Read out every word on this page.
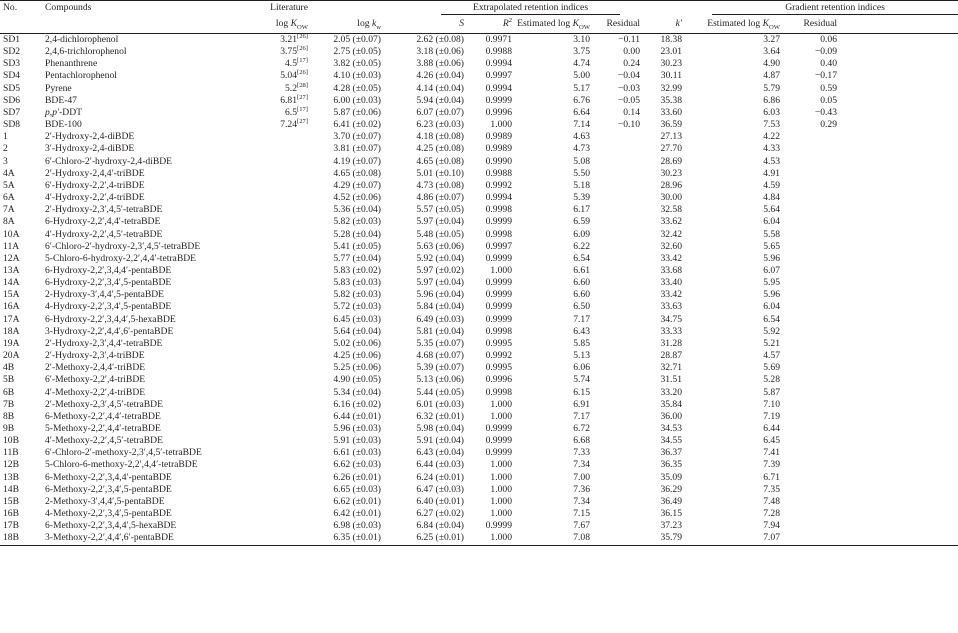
	No.	Compounds	Literature		Extrapolated retention indices					Gradient retention indices	

			$\log K_{OW}$	$\log k_w$	S	$R^2$	Estimated $\log K_{OW}$	Residual	k′	Estimated $\log K_{OW}$	Residual
	SD1	2,4-dichlorophenol	3.21[26]	2.05 (±0.07)	2.62 (±0.08)	0.9971	3.10	−0.11	18.38	3.27	0.06
	SD2	2,4,6-trichlorophenol	3.75[26]	2.75 (±0.05)	3.18 (±0.06)	0.9988	3.75	0.00	23.01	3.64	−0.09
	SD3	Phenanthrene	4.5[17]	3.82 (±0.05)	3.88 (±0.06)	0.9994	4.74	0.24	30.23	4.90	0.40
	SD4	Pentachlorophenol	5.04[26]	4.10 (±0.03)	4.26 (±0.04)	0.9997	5.00	−0.04	30.11	4.87	−0.17
	SD5	Pyrene	5.2[28]	4.28 (±0.05)	4.14 (±0.04)	0.9994	5.17	−0.03	32.99	5.79	0.59
	SD6	BDE-47	6.81[27]	6.00 (±0.03)	5.94 (±0.04)	0.9999	6.76	−0.05	35.38	6.86	0.05
	SD7	p,p′-DDT	6.5[17]	5.87 (±0.06)	6.07 (±0.07)	0.9996	6.64	0.14	33.60	6.03	−0.43
	SD8	BDE-100	7.24[27]	6.41 (±0.02)	6.23 (±0.03)	1.000	7.14	−0.10	36.59	7.53	0.29
	1	2′-Hydroxy-2,4-diBDE		3.70 (±0.07)	4.18 (±0.08)	0.9989	4.63		27.13	4.22	
	2	3′-Hydroxy-2,4-diBDE		3.81 (±0.07)	4.25 (±0.08)	0.9989	4.73		27.70	4.33	
	3	6′-Chloro-2′-hydroxy-2,4-diBDE		4.19 (±0.07)	4.65 (±0.08)	0.9990	5.08		28.69	4.53	
	4A	2′-Hydroxy-2,4,4′-triBDE		4.65 (±0.08)	5.01 (±0.10)	0.9988	5.50		30.23	4.91	
	5A	6′-Hydroxy-2,2′,4-triBDE		4.29 (±0.07)	4.73 (±0.08)	0.9992	5.18		28.96	4.59	
	6A	4′-Hydroxy-2,2′,4-triBDE		4.52 (±0.06)	4.86 (±0.07)	0.9994	5.39		30.00	4.84	
	7A	2′-Hydroxy-2,3′,4,5′-tetraBDE		5.36 (±0.04)	5.57 (±0.05)	0.9998	6.17		32.58	5.64	
	8A	6-Hydroxy-2,2′,4,4′-tetraBDE		5.82 (±0.03)	5.97 (±0.04)	0.9999	6.59		33.62	6.04	
	10A	4′-Hydroxy-2,2′,4,5′-tetraBDE		5.28 (±0.04)	5.48 (±0.05)	0.9998	6.09		32.42	5.58	
	11A	6′-Chloro-2′-hydroxy-2,3′,4,5′-tetraBDE		5.41 (±0.05)	5.63 (±0.06)	0.9997	6.22		32.60	5.65	
	12A	5-Chloro-6-hydroxy-2,2′,4,4′-tetraBDE		5.77 (±0.04)	5.92 (±0.04)	0.9999	6.54		33.42	5.96	
	13A	6-Hydroxy-2,2′,3,4,4′-pentaBDE		5.83 (±0.02)	5.97 (±0.02)	1.000	6.61		33.68	6.07	
	14A	6-Hydroxy-2,2′,3,4′,5-pentaBDE		5.83 (±0.03)	5.97 (±0.04)	0.9999	6.60		33.40	5.95	
	15A	2-Hydroxy-3′,4,4′,5-pentaBDE		5.82 (±0.03)	5.96 (±0.04)	0.9999	6.60		33.42	5.96	
	16A	4-Hydroxy-2,2′,3,4′,5-pentaBDE		5.72 (±0.03)	5.84 (±0.04)	0.9999	6.50		33.63	6.04	
	17A	6-Hydroxy-2,2′,3,4,4′,5-hexaBDE		6.45 (±0.03)	6.49 (±0.03)	0.9999	7.17		34.75	6.54	
	18A	3-Hydroxy-2,2′,4,4′,6′-pentaBDE		5.64 (±0.04)	5.81 (±0.04)	0.9998	6.43		33.33	5.92	
	19A	2′-Hydroxy-2,3′,4,4′-tetraBDE		5.02 (±0.06)	5.35 (±0.07)	0.9995	5.85		31.28	5.21	
	20A	2′-Hydroxy-2,3′,4-triBDE		4.25 (±0.06)	4.68 (±0.07)	0.9992	5.13		28.87	4.57	
	4B	2′-Methoxy-2,4,4′-triBDE		5.25 (±0.06)	5.39 (±0.07)	0.9995	6.06		32.71	5.69	
	5B	6′-Methoxy-2,2′,4-triBDE		4.90 (±0.05)	5.13 (±0.06)	0.9996	5.74		31.51	5.28	
	6B	4′-Methoxy-2,2′,4-triBDE		5.34 (±0.04)	5.44 (±0.05)	0.9998	6.15		33.20	5.87	
	7B	2′-Methoxy-2,3′,4,5′-tetraBDE		6.16 (±0.02)	6.01 (±0.03)	1.000	6.91		35.84	7.10	
	8B	6-Methoxy-2,2′,4,4′-tetraBDE		6.44 (±0.01)	6.32 (±0.01)	1.000	7.17		36.00	7.19	
	9B	5-Methoxy-2,2′,4,4′-tetraBDE		5.96 (±0.03)	5.98 (±0.04)	0.9999	6.72		34.53	6.44	
	10B	4′-Methoxy-2,2′,4,5′-tetraBDE		5.91 (±0.03)	5.91 (±0.04)	0.9999	6.68		34.55	6.45	
	11B	6′-Chloro-2′-methoxy-2,3′,4,5′-tetraBDE		6.61 (±0.03)	6.43 (±0.04)	0.9999	7.33		36.37	7.41	
	12B	5-Chloro-6-methoxy-2,2′,4,4′-tetraBDE		6.62 (±0.03)	6.44 (±0.03)	1.000	7.34		36.35	7.39	
	13B	6-Methoxy-2,2′,3,4,4′-pentaBDE		6.26 (±0.01)	6.24 (±0.01)	1.000	7.00		35.09	6.71	
	14B	6-Methoxy-2,2′,3,4′,5-pentaBDE		6.65 (±0.03)	6.47 (±0.03)	1.000	7.36		36.29	7.35	
	15B	2-Methoxy-3′,4,4′,5-pentaBDE		6.62 (±0.01)	6.40 (±0.01)	1.000	7.34		36.49	7.48	
	16B	4-Methoxy-2,2′,3,4′,5-pentaBDE		6.42 (±0.01)	6.27 (±0.02)	1.000	7.15		36.15	7.28	
	17B	6-Methoxy-2,2′,3,4,4′,5-hexaBDE		6.98 (±0.03)	6.84 (±0.04)	0.9999	7.67		37.23	7.94	
	18B	3-Methoxy-2,2′,4,4′,6′-pentaBDE		6.35 (±0.01)	6.25 (±0.01)	1.000	7.08		35.79	7.07	
